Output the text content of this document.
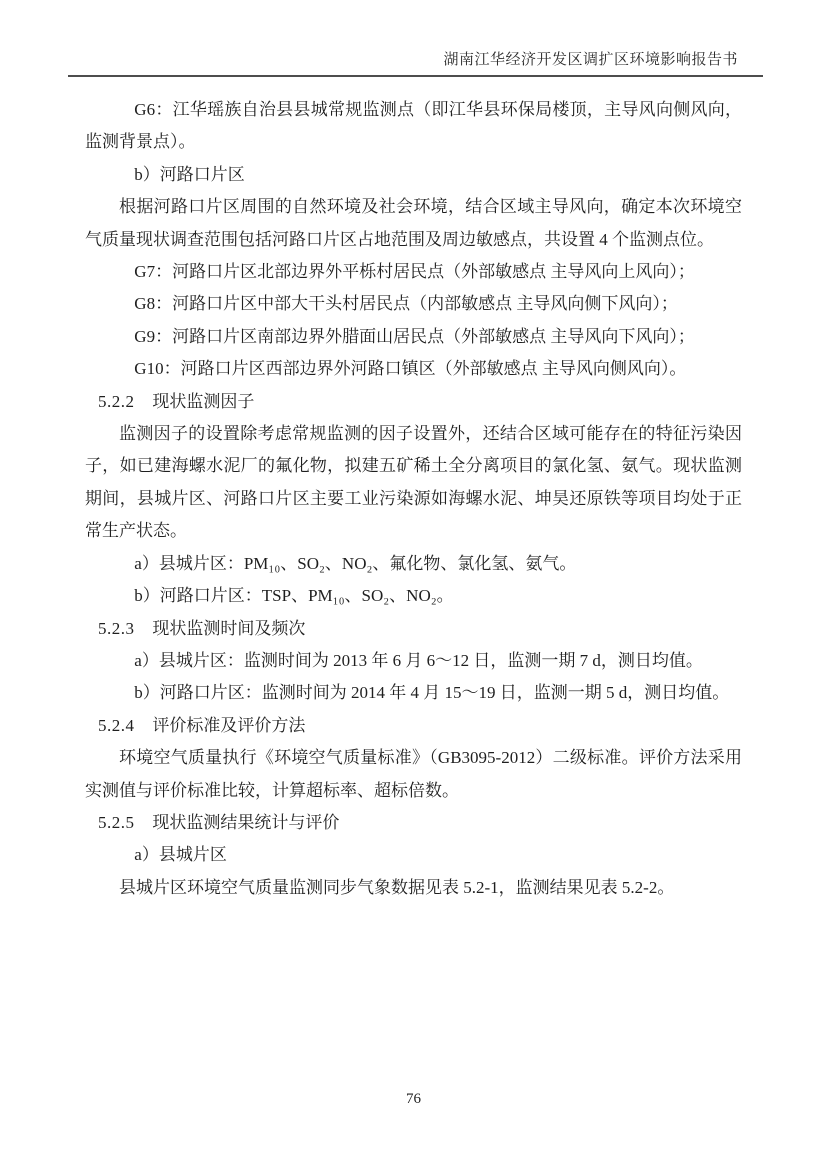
湖南江华经济开发区调扩区环境影响报告书

G6：江华瑶族自治县县城常规监测点（即江华县环保局楼顶，主导风向侧风向，监测背景点）。

b）河路口片区

根据河路口片区周围的自然环境及社会环境，结合区域主导风向，确定本次环境空气质量现状调查范围包括河路口片区占地范围及周边敏感点，共设置 4 个监测点位。

G7：河路口片区北部边界外平栎村居民点（外部敏感点 主导风向上风向）；

G8：河路口片区中部大干头村居民点（内部敏感点 主导风向侧下风向）；

G9：河路口片区南部边界外腊面山居民点（外部敏感点 主导风向下风向）；

G10：河路口片区西部边界外河路口镇区（外部敏感点 主导风向侧风向）。

5.2.2 现状监测因子

监测因子的设置除考虑常规监测的因子设置外，还结合区域可能存在的特征污染因子，如已建海螺水泥厂的氟化物，拟建五矿稀土全分离项目的氯化氢、氨气。现状监测期间，县城片区、河路口片区主要工业污染源如海螺水泥、坤昊还原铁等项目均处于正常生产状态。

a）县城片区：PM₁₀、SO₂、NO₂、氟化物、氯化氢、氨气。

b）河路口片区：TSP、PM₁₀、SO₂、NO₂。

5.2.3 现状监测时间及频次

a）县城片区：监测时间为 2013 年 6 月 6～12 日，监测一期 7 d，测日均值。

b）河路口片区：监测时间为 2014 年 4 月 15～19 日，监测一期 5 d，测日均值。

5.2.4 评价标准及评价方法

环境空气质量执行《环境空气质量标准》（GB3095-2012）二级标准。评价方法采用实测值与评价标准比较，计算超标率、超标倍数。

5.2.5 现状监测结果统计与评价

a）县城片区

县城片区环境空气质量监测同步气象数据见表 5.2-1，监测结果见表 5.2-2。

76
